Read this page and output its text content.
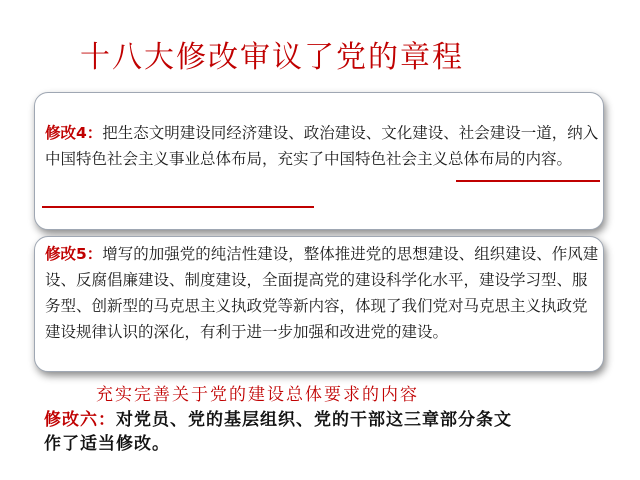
十八大修改审议了党的章程
修改4：把生态文明建设同经济建设、政治建设、文化建设、社会建设一道，纳入中国特色社会主义事业总体布局，充实了中国特色社会主义总体布局的内容。
修改5：增写的加强党的纯洁性建设，整体推进党的思想建设、组织建设、作风建设、反腐倡廉建设、制度建设，全面提高党的建设科学化水平，建设学习型、服务型、创新型的马克思主义执政党等新内容，体现了我们党对马克思主义执政党建设规律认识的深化，有利于进一步加强和改进党的建设。
充实完善关于党的建设总体要求的内容
修改六：对党员、党的基层组织、党的干部这三章部分条文
作了适当修改。
